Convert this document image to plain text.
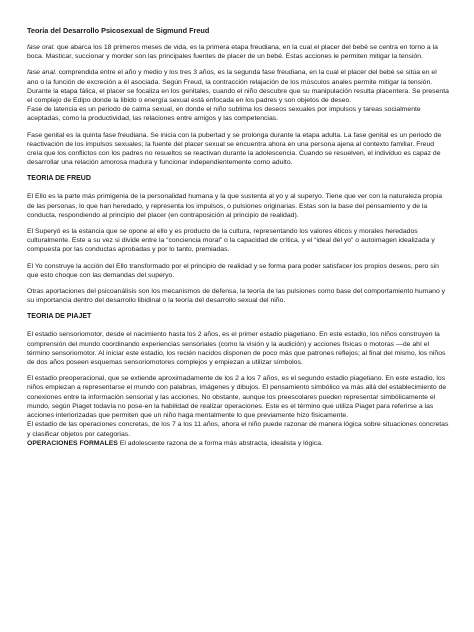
Teoría del Desarrollo Psicosexual de Sigmund Freud

fase oral. que abarca los 18 primeros meses de vida, es la primera etapa freudiana, en la cual el placer del bebé se centra en torno a la boca. Masticar, succionar y morder son las principales fuentes de placer de un bebé. Estas acciones le permiten mitigar la tensión.

fase anal. comprendida entre el año y medio y los tres 3 años, es la segunda fase freudiana, en la cual el placer del bebé se sitúa en el ano o la función de excreción a él asociada. Según Freud, la contracción relajación de los músculos anales permite mitigar la tensión.

Durante la etapa fálica, el placer se focaliza en los genitales, cuando el niño descubre que su manipulación resulta placentera. Se presenta el complejo de Edipo donde la libido o energía sexual está enfocada en los padres y son objetos de deseo.

Fase de latencia es un periodo de calma sexual, en donde el niño sublima los deseos sexuales por impulsos y tareas socialmente aceptadas, como la productividad, las relaciones entre amigos y las competencias.

Fase genital es la quinta fase freudiana. Se inicia con la pubertad y se prolonga durante la etapa adulta. La fase genital es un periodo de reactivación de los impulsos sexuales; la fuente del placer sexual se encuentra ahora en una persona ajena al contexto familiar. Freud creía que los conflictos con los padres no resueltos se reactivan durante la adolescencia. Cuando se resuelven, el individuo es capaz de desarrollar una relación amorosa madura y funcionar independientemente como adulto.

TEORIA DE FREUD

El Ello es la parte más primigenia de la personalidad humana y la que sustenta al yo y al superyo. Tiene que ver con la naturaleza propia de las personas, lo que han heredado, y representa los impulsos, o pulsiones originarias. Estas son la base del pensamiento y de la conducta, respondiendo al principio del placer (en contraposición al principio de realidad).

El Superyó es la estancia que se opone al ello y es producto de la cultura, representando los valores éticos y morales heredados culturalmente. Este a su vez si divide entre la “conciencia moral” o la capacidad de crítica, y el “ideal del yo” o autoimagen idealizada y compuesta por las conductas aprobadas y por lo tanto, premiadas.

El Yo construye la acción del Ello transformado por el principio de realidad y se forma para poder satisfacer los propios deseos, pero sin que esto choque con las demandas del superyo.

Otras aportaciones del psicoanálisis son los mecanismos de defensa, la teoría de las pulsiones como base del comportamiento humano y su importancia dentro del desarrollo libidinal o la teoría del desarrollo sexual del niño.

TEORIA DE PIAJET

El estadio sensoriomotor, desde el nacimiento hasta los 2 años, es el primer estadio piagetiano. En este estadio, los niños construyen la comprensión del mundo coordinando experiencias sensoriales (como la visión y la audición) y acciones físicas o motoras —de ahí el término sensoriomotor. Al iniciar este estadio, los recién nacidos disponen de poco más que patrones reflejos; al final del mismo, los niños de dos años poseen esquemas sensoriomotores complejos y empiezan a utilizar símbolos.

El estadio preoperacional, que se extiende aproximadamente de los 2 a los 7 años, es el segundo estadio piagetiano. En este estadio, los niños empiezan a representarse el mundo con palabras, imágenes y dibujos. El pensamiento simbólico va más allá del establecimiento de conexiones entre la información sensorial y las acciones. No obstante, aunque los preescolares pueden representar simbólicamente el mundo, según Piaget todavía no pose-en la habilidad de realizar operaciones. Este es el término que utiliza Piaget para referirse a las acciones interiorizadas que permiten que un niño haga mentalmente lo que previamente hizo físicamente.

El estadio de las operaciones concretas, de los 7 a los 11 años, ahora el niño puede razonar de manera lógica sobre situaciones concretas y clasificar objetos por categorias.

OPERACIONES FORMALES El adolescente razona de a forma más abstracta, idealista y lógica.
